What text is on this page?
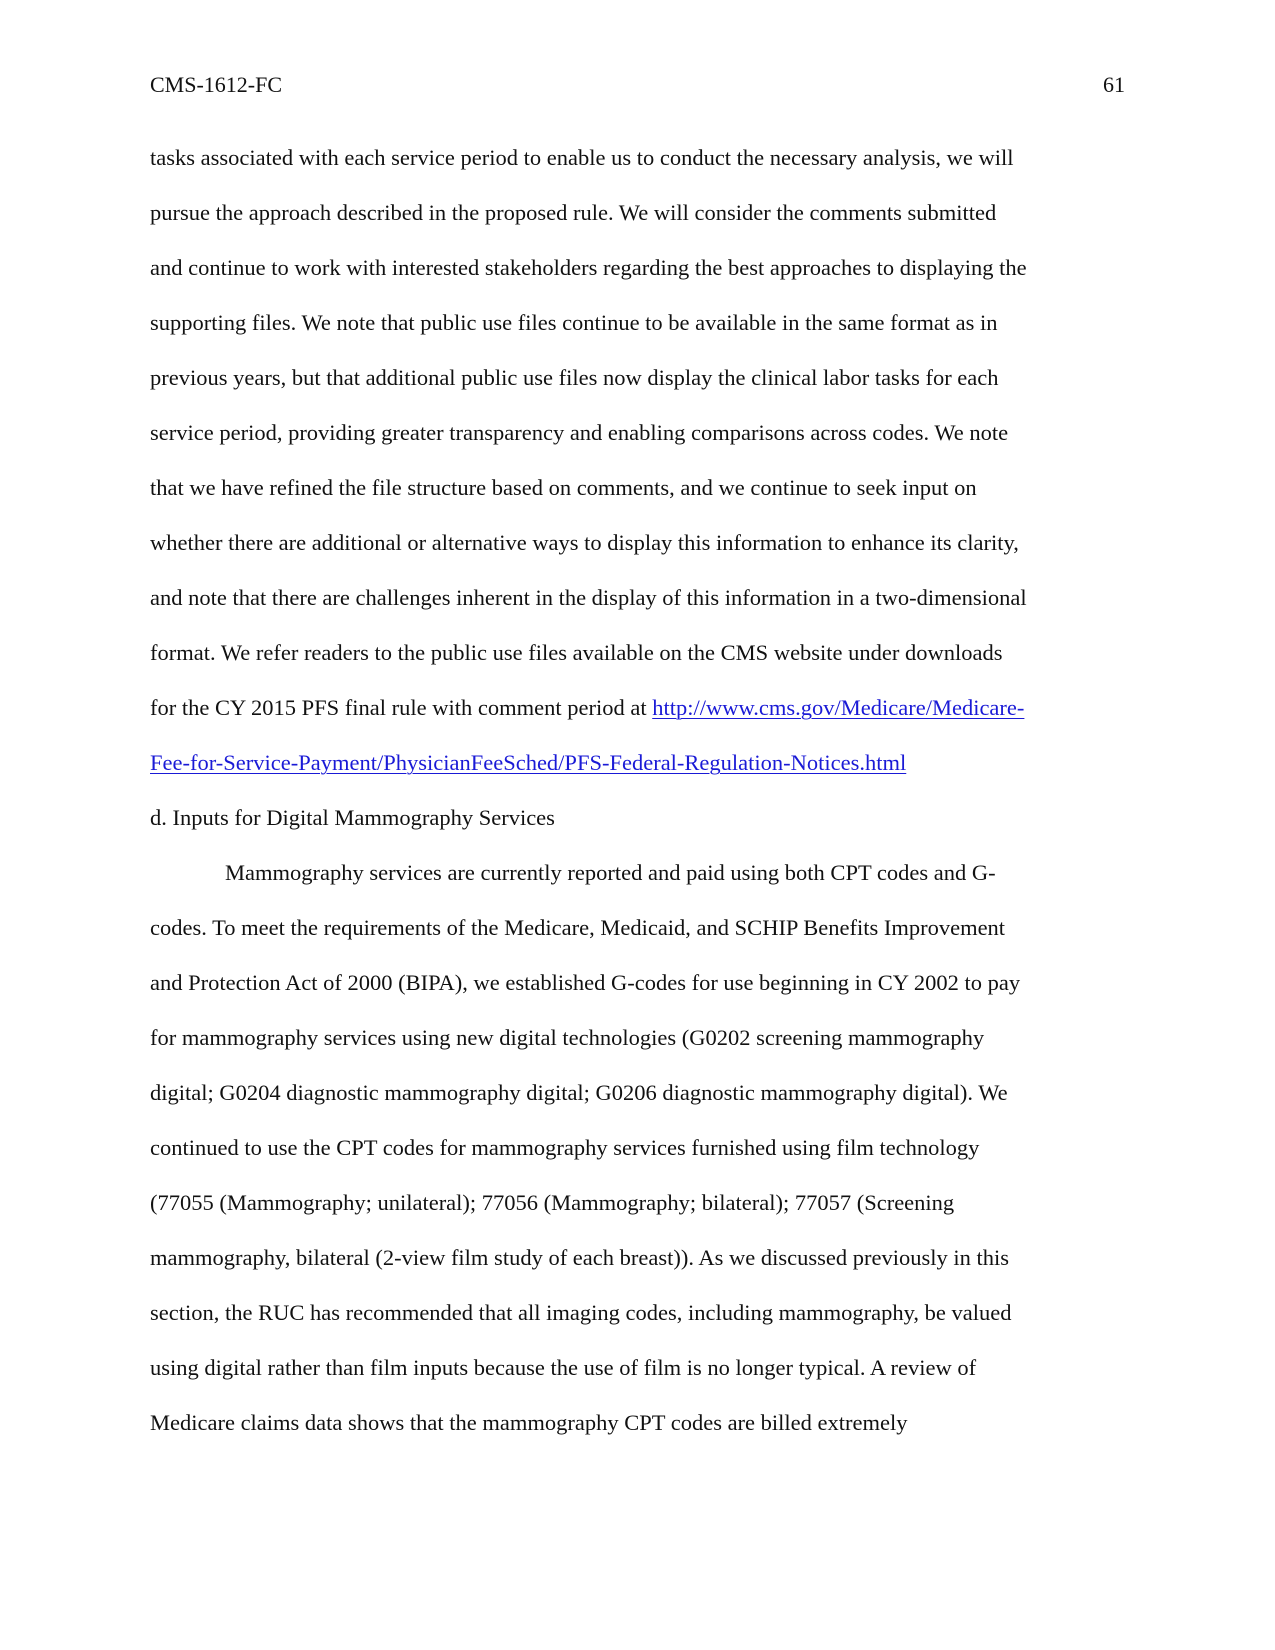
CMS-1612-FC	61
tasks associated with each service period to enable us to conduct the necessary analysis, we will
pursue the approach described in the proposed rule. We will consider the comments submitted
and continue to work with interested stakeholders regarding the best approaches to displaying the
supporting files. We note that public use files continue to be available in the same format as in
previous years, but that additional public use files now display the clinical labor tasks for each
service period, providing greater transparency and enabling comparisons across codes. We note
that we have refined the file structure based on comments, and we continue to seek input on
whether there are additional or alternative ways to display this information to enhance its clarity,
and note that there are challenges inherent in the display of this information in a two-dimensional
format. We refer readers to the public use files available on the CMS website under downloads
for the CY 2015 PFS final rule with comment period at http://www.cms.gov/Medicare/Medicare-
Fee-for-Service-Payment/PhysicianFeeSched/PFS-Federal-Regulation-Notices.html
d. Inputs for Digital Mammography Services
Mammography services are currently reported and paid using both CPT codes and G-
codes. To meet the requirements of the Medicare, Medicaid, and SCHIP Benefits Improvement
and Protection Act of 2000 (BIPA), we established G-codes for use beginning in CY 2002 to pay
for mammography services using new digital technologies (G0202 screening mammography
digital; G0204 diagnostic mammography digital; G0206 diagnostic mammography digital). We
continued to use the CPT codes for mammography services furnished using film technology
(77055 (Mammography; unilateral); 77056 (Mammography; bilateral); 77057 (Screening
mammography, bilateral (2-view film study of each breast)). As we discussed previously in this
section, the RUC has recommended that all imaging codes, including mammography, be valued
using digital rather than film inputs because the use of film is no longer typical. A review of
Medicare claims data shows that the mammography CPT codes are billed extremely
